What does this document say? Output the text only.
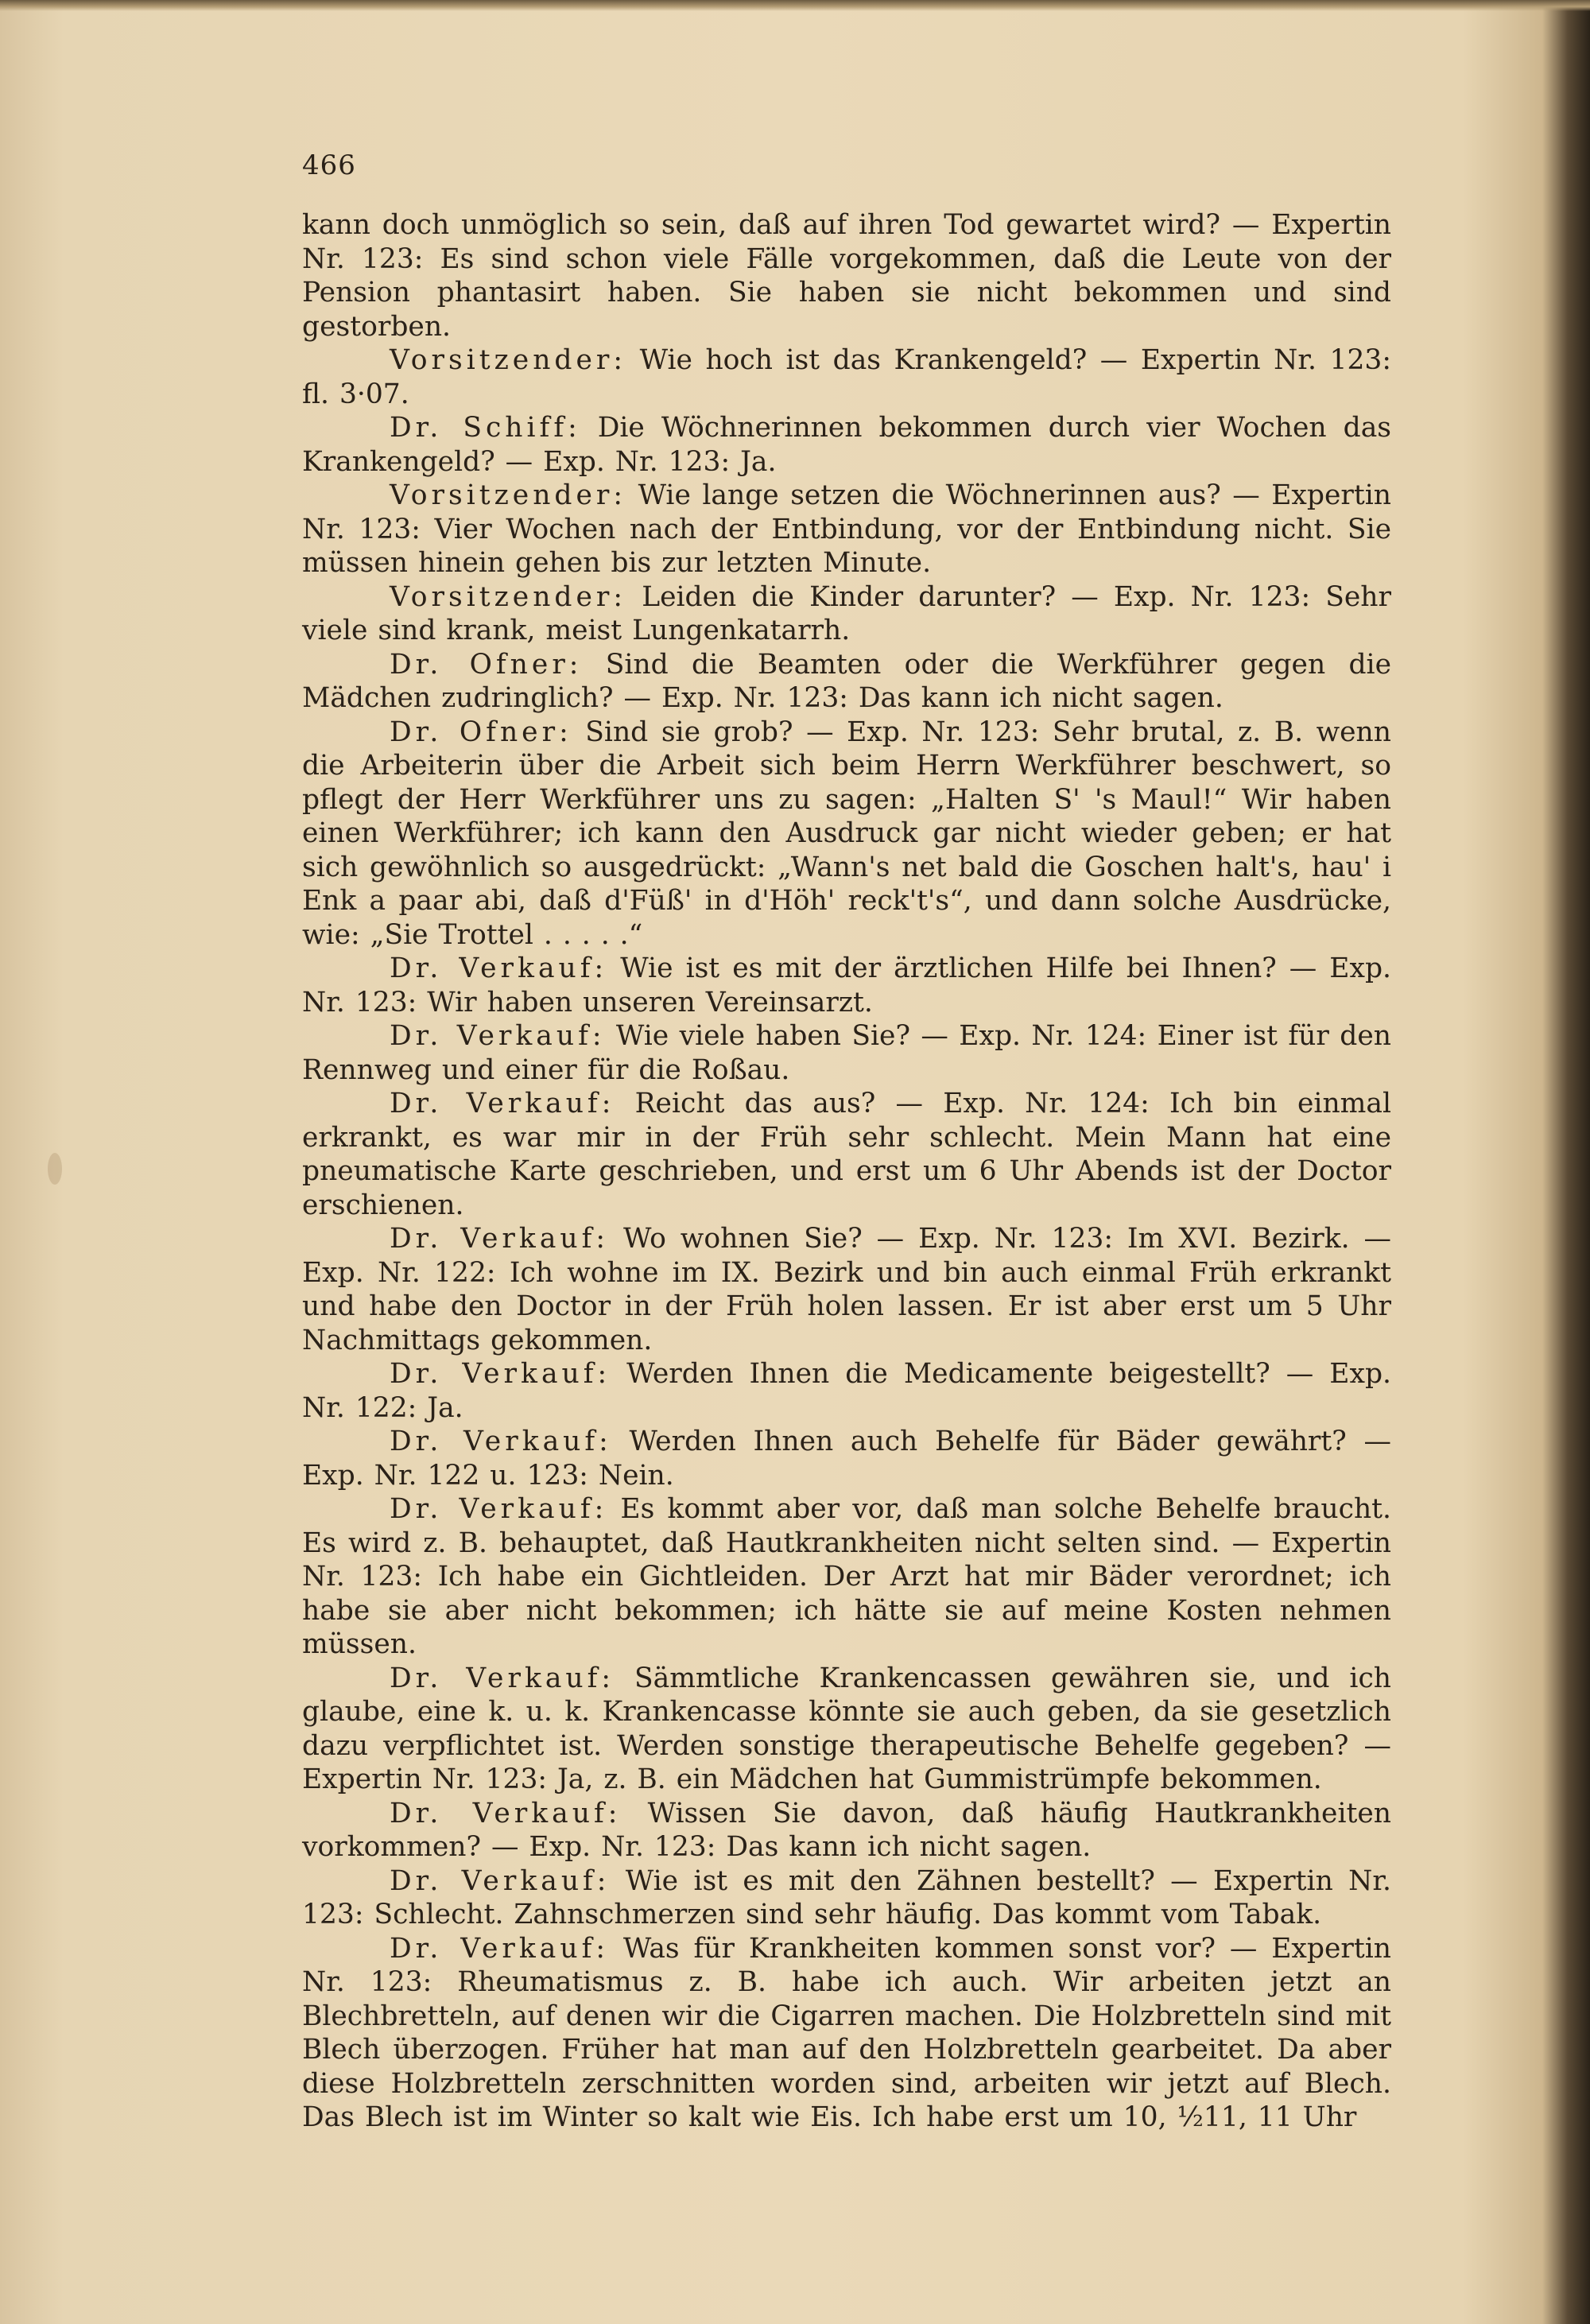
466

kann doch unmöglich so sein, daß auf ihren Tod gewartet wird? — Expertin Nr. 123: Es sind schon viele Fälle vorgekommen, daß die Leute von der Pension phantasirt haben. Sie haben sie nicht bekommen und sind gestorben.

Vorsitzender: Wie hoch ist das Krankengeld? — Expertin Nr. 123: fl. 3·07.

Dr. Schiff: Die Wöchnerinnen bekommen durch vier Wochen das Krankengeld? — Exp. Nr. 123: Ja.

Vorsitzender: Wie lange setzen die Wöchnerinnen aus? — Expertin Nr. 123: Vier Wochen nach der Entbindung, vor der Entbindung nicht. Sie müssen hinein gehen bis zur letzten Minute.

Vorsitzender: Leiden die Kinder darunter? — Exp. Nr. 123: Sehr viele sind krank, meist Lungenkatarrh.

Dr. Ofner: Sind die Beamten oder die Werkführer gegen die Mädchen zudringlich? — Exp. Nr. 123: Das kann ich nicht sagen.

Dr. Ofner: Sind sie grob? — Exp. Nr. 123: Sehr brutal, z. B. wenn die Arbeiterin über die Arbeit sich beim Herrn Werkführer beschwert, so pflegt der Herr Werkführer uns zu sagen: „Halten S' 's Maul!“ Wir haben einen Werkführer; ich kann den Ausdruck gar nicht wieder geben; er hat sich gewöhnlich so ausgedrückt: „Wann's net bald die Goschen halt's, hau' i Enk a paar abi, daß d'Füß' in d'Höh' reck't's“, und dann solche Ausdrücke, wie: „Sie Trottel . . . . .“

Dr. Verkauf: Wie ist es mit der ärztlichen Hilfe bei Ihnen? — Exp. Nr. 123: Wir haben unseren Vereinsarzt.

Dr. Verkauf: Wie viele haben Sie? — Exp. Nr. 124: Einer ist für den Rennweg und einer für die Roßau.

Dr. Verkauf: Reicht das aus? — Exp. Nr. 124: Ich bin einmal erkrankt, es war mir in der Früh sehr schlecht. Mein Mann hat eine pneumatische Karte geschrieben, und erst um 6 Uhr Abends ist der Doctor erschienen.

Dr. Verkauf: Wo wohnen Sie? — Exp. Nr. 123: Im XVI. Bezirk. — Exp. Nr. 122: Ich wohne im IX. Bezirk und bin auch einmal Früh erkrankt und habe den Doctor in der Früh holen lassen. Er ist aber erst um 5 Uhr Nachmittags gekommen.

Dr. Verkauf: Werden Ihnen die Medicamente beigestellt? — Exp. Nr. 122: Ja.

Dr. Verkauf: Werden Ihnen auch Behelfe für Bäder gewährt? — Exp. Nr. 122 u. 123: Nein.

Dr. Verkauf: Es kommt aber vor, daß man solche Behelfe braucht. Es wird z. B. behauptet, daß Hautkrankheiten nicht selten sind. — Expertin Nr. 123: Ich habe ein Gichtleiden. Der Arzt hat mir Bäder verordnet; ich habe sie aber nicht bekommen; ich hätte sie auf meine Kosten nehmen müssen.

Dr. Verkauf: Sämmtliche Krankencassen gewähren sie, und ich glaube, eine k. u. k. Krankencasse könnte sie auch geben, da sie gesetzlich dazu verpflichtet ist. Werden sonstige therapeutische Behelfe gegeben? — Expertin Nr. 123: Ja, z. B. ein Mädchen hat Gummistrümpfe bekommen.

Dr. Verkauf: Wissen Sie davon, daß häufig Hautkrankheiten vorkommen? — Exp. Nr. 123: Das kann ich nicht sagen.

Dr. Verkauf: Wie ist es mit den Zähnen bestellt? — Expertin Nr. 123: Schlecht. Zahnschmerzen sind sehr häufig. Das kommt vom Tabak.

Dr. Verkauf: Was für Krankheiten kommen sonst vor? — Expertin Nr. 123: Rheumatismus z. B. habe ich auch. Wir arbeiten jetzt an Blechbretteln, auf denen wir die Cigarren machen. Die Holzbretteln sind mit Blech überzogen. Früher hat man auf den Holzbretteln gearbeitet. Da aber diese Holzbretteln zerschnitten worden sind, arbeiten wir jetzt auf Blech. Das Blech ist im Winter so kalt wie Eis. Ich habe erst um 10, ½11, 11 Uhr
